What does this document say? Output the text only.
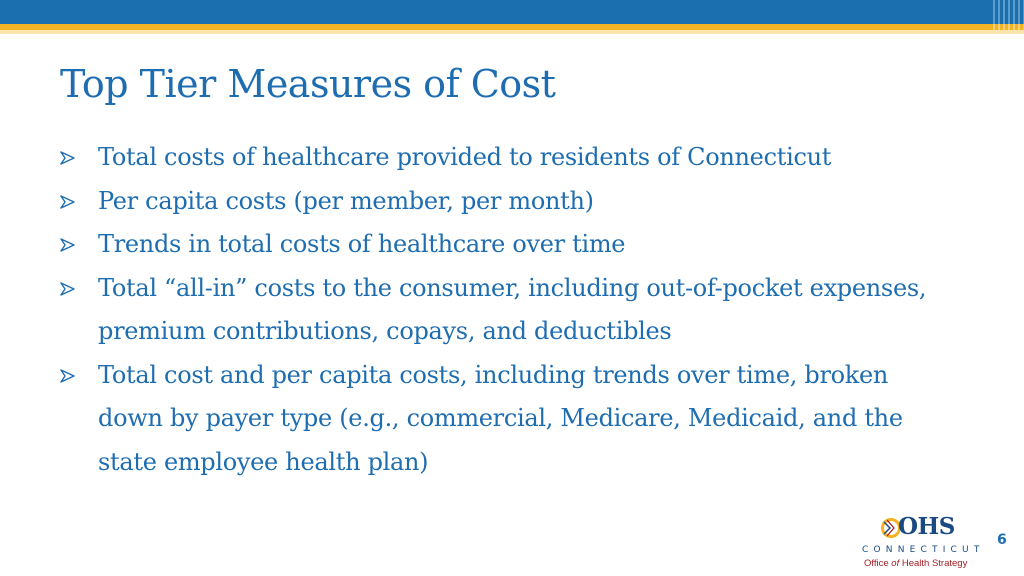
Top Tier Measures of Cost
Total costs of healthcare provided to residents of Connecticut
Per capita costs (per member, per month)
Trends in total costs of healthcare over time
Total “all-in” costs to the consumer, including out-of-pocket expenses, premium contributions, copays, and deductibles
Total cost and per capita costs, including trends over time, broken down by payer type (e.g., commercial, Medicare, Medicaid, and the state employee health plan)
OHS
CONNECTICUT
Office of Health Strategy
6
